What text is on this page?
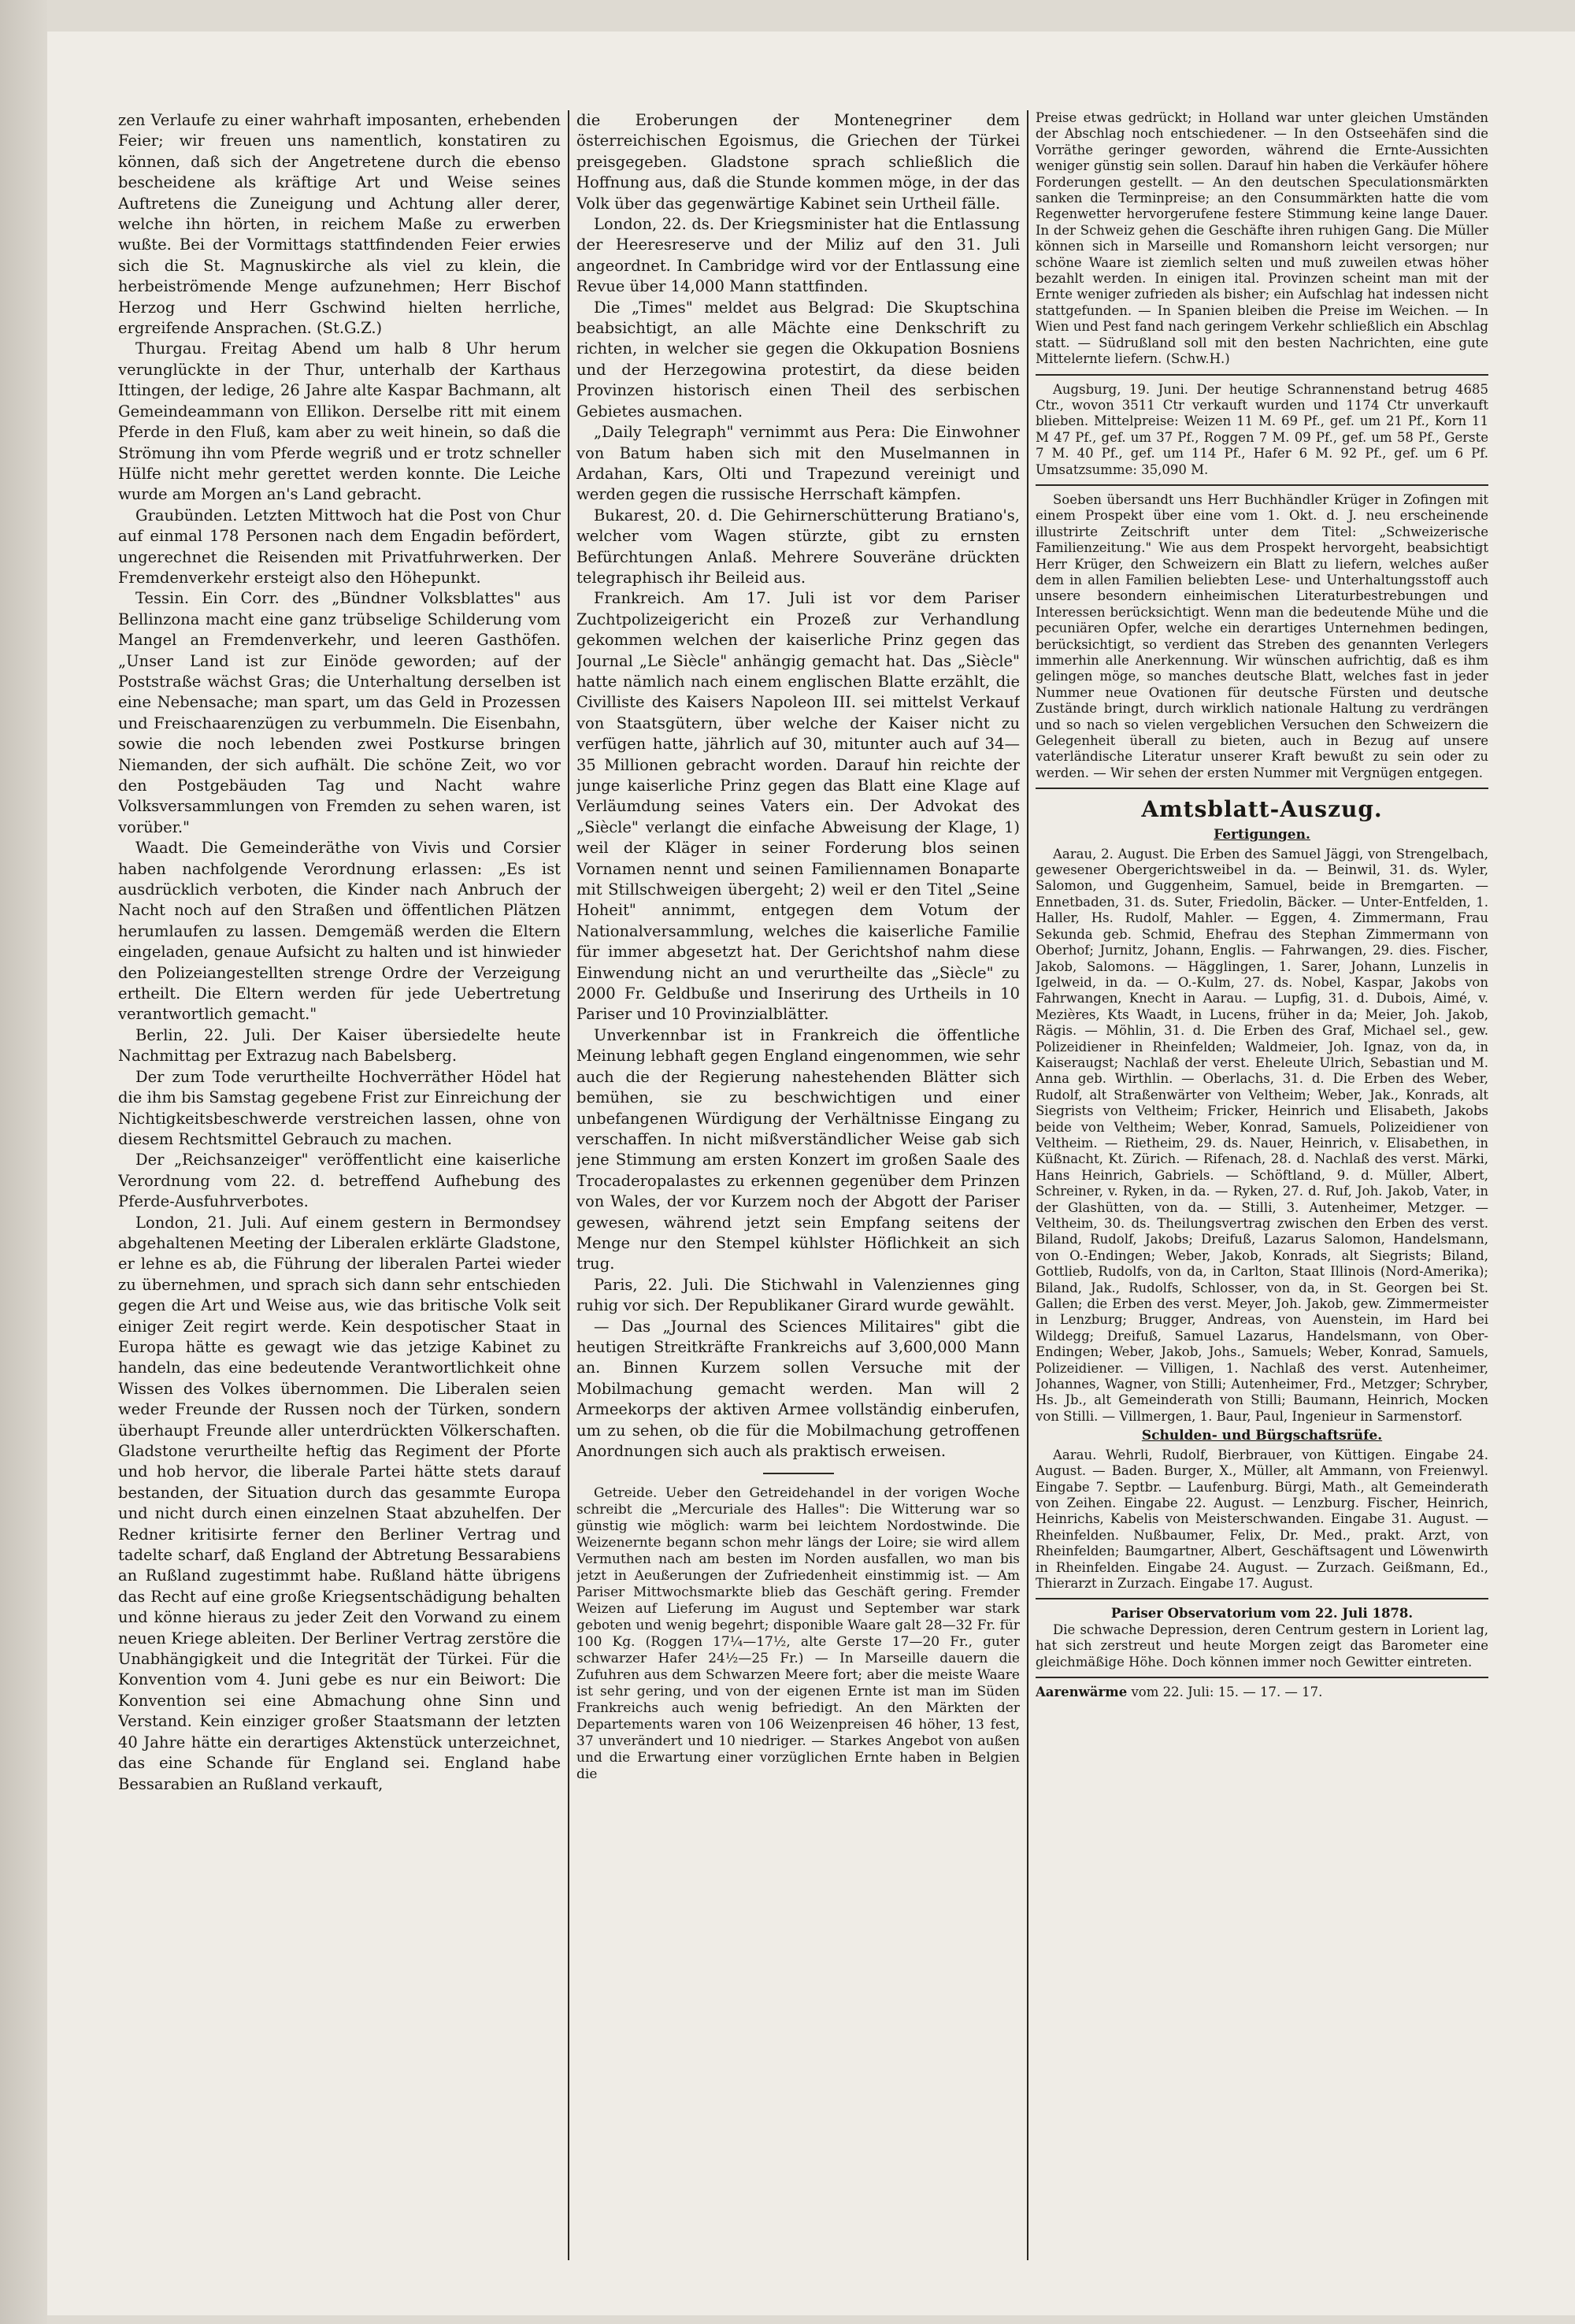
zen Verlaufe zu einer wahrhaft imposanten, erhebenden Feier; wir freuen uns namentlich, konstatiren zu können, daß sich der Angetretene durch die ebenso bescheidene als kräftige Art und Weise seines Auftretens die Zuneigung und Achtung aller derer, welche ihn hörten, in reichem Maße zu erwerben wußte. Bei der Vormittags stattfindenden Feier erwies sich die St. Magnuskirche als viel zu klein, die herbeiströmende Menge aufzunehmen; Herr Bischof Herzog und Herr Gschwind hielten herrliche, ergreifende Ansprachen. (St.G.Z.)

Thurgau. Freitag Abend um halb 8 Uhr herum verunglückte in der Thur, unterhalb der Karthaus Ittingen, der ledige, 26 Jahre alte Kaspar Bachmann, alt Gemeindeammann von Ellikon. Derselbe ritt mit einem Pferde in den Fluß, kam aber zu weit hinein, so daß die Strömung ihn vom Pferde wegriß und er trotz schneller Hülfe nicht mehr gerettet werden konnte. Die Leiche wurde am Morgen an's Land gebracht.

Graubünden. Letzten Mittwoch hat die Post von Chur auf einmal 178 Personen nach dem Engadin befördert, ungerechnet die Reisenden mit Privatfuhrwerken. Der Fremdenverkehr ersteigt also den Höhepunkt.

Tessin. Ein Corr. des „Bündner Volksblattes" aus Bellinzona macht eine ganz trübselige Schilderung vom Mangel an Fremdenverkehr, und leeren Gasthöfen. „Unser Land ist zur Einöde geworden; auf der Poststraße wächst Gras; die Unterhaltung derselben ist eine Nebensache; man spart, um das Geld in Prozessen und Freischaarenzügen zu verbummeln. Die Eisenbahn, sowie die noch lebenden zwei Postkurse bringen Niemanden, der sich aufhält. Die schöne Zeit, wo vor den Postgebäuden Tag und Nacht wahre Volksversammlungen von Fremden zu sehen waren, ist vorüber."

Waadt. Die Gemeinderäthe von Vivis und Corsier haben nachfolgende Verordnung erlassen: „Es ist ausdrücklich verboten, die Kinder nach Anbruch der Nacht noch auf den Straßen und öffentlichen Plätzen herumlaufen zu lassen. Demgemäß werden die Eltern eingeladen, genaue Aufsicht zu halten und ist hinwieder den Polizeiangestellten strenge Ordre der Verzeigung ertheilt. Die Eltern werden für jede Uebertretung verantwortlich gemacht."

Berlin, 22. Juli. Der Kaiser übersiedelte heute Nachmittag per Extrazug nach Babelsberg.

Der zum Tode verurtheilte Hochverräther Hödel hat die ihm bis Samstag gegebene Frist zur Einreichung der Nichtigkeitsbeschwerde verstreichen lassen, ohne von diesem Rechtsmittel Gebrauch zu machen.

Der „Reichsanzeiger" veröffentlicht eine kaiserliche Verordnung vom 22. d. betreffend Aufhebung des Pferde-Ausfuhrverbotes.

London, 21. Juli. Auf einem gestern in Bermondsey abgehaltenen Meeting der Liberalen erklärte Gladstone, er lehne es ab, die Führung der liberalen Partei wieder zu übernehmen, und sprach sich dann sehr entschieden gegen die Art und Weise aus, wie das britische Volk seit einiger Zeit regirt werde. Kein despotischer Staat in Europa hätte es gewagt wie das jetzige Kabinet zu handeln, das eine bedeutende Verantwortlichkeit ohne Wissen des Volkes übernommen. Die Liberalen seien weder Freunde der Russen noch der Türken, sondern überhaupt Freunde aller unterdrückten Völkerschaften. Gladstone verurtheilte heftig das Regiment der Pforte und hob hervor, die liberale Partei hätte stets darauf bestanden, der Situation durch das gesammte Europa und nicht durch einen einzelnen Staat abzuhelfen. Der Redner kritisirte ferner den Berliner Vertrag und tadelte scharf, daß England der Abtretung Bessarabiens an Rußland zugestimmt habe. Rußland hätte übrigens das Recht auf eine große Kriegsentschädigung behalten und könne hieraus zu jeder Zeit den Vorwand zu einem neuen Kriege ableiten. Der Berliner Vertrag zerstöre die Unabhängigkeit und die Integrität der Türkei. Für die Konvention vom 4. Juni gebe es nur ein Beiwort: Die Konvention sei eine Abmachung ohne Sinn und Verstand. Kein einziger großer Staatsmann der letzten 40 Jahre hätte ein derartiges Aktenstück unterzeichnet, das eine Schande für England sei. England habe Bessarabien an Rußland verkauft,

die Eroberungen der Montenegriner dem österreichischen Egoismus, die Griechen der Türkei preisgegeben. Gladstone sprach schließlich die Hoffnung aus, daß die Stunde kommen möge, in der das Volk über das gegenwärtige Kabinet sein Urtheil fälle.

London, 22. ds. Der Kriegsminister hat die Entlassung der Heeresreserve und der Miliz auf den 31. Juli angeordnet. In Cambridge wird vor der Entlassung eine Revue über 14,000 Mann stattfinden.

Die „Times" meldet aus Belgrad: Die Skuptschina beabsichtigt, an alle Mächte eine Denkschrift zu richten, in welcher sie gegen die Okkupation Bosniens und der Herzegowina protestirt, da diese beiden Provinzen historisch einen Theil des serbischen Gebietes ausmachen.

„Daily Telegraph" vernimmt aus Pera: Die Einwohner von Batum haben sich mit den Muselmannen in Ardahan, Kars, Olti und Trapezund vereinigt und werden gegen die russische Herrschaft kämpfen.

Bukarest, 20. d. Die Gehirnerschütterung Bratiano's, welcher vom Wagen stürzte, gibt zu ernsten Befürchtungen Anlaß. Mehrere Souveräne drückten telegraphisch ihr Beileid aus.

Frankreich. Am 17. Juli ist vor dem Pariser Zuchtpolizeigericht ein Prozeß zur Verhandlung gekommen welchen der kaiserliche Prinz gegen das Journal „Le Siècle" anhängig gemacht hat. Das „Siècle" hatte nämlich nach einem englischen Blatte erzählt, die Civilliste des Kaisers Napoleon III. sei mittelst Verkauf von Staatsgütern, über welche der Kaiser nicht zu verfügen hatte, jährlich auf 30, mitunter auch auf 34—35 Millionen gebracht worden. Darauf hin reichte der junge kaiserliche Prinz gegen das Blatt eine Klage auf Verläumdung seines Vaters ein. Der Advokat des „Siècle" verlangt die einfache Abweisung der Klage, 1) weil der Kläger in seiner Forderung blos seinen Vornamen nennt und seinen Familiennamen Bonaparte mit Stillschweigen übergeht; 2) weil er den Titel „Seine Hoheit" annimmt, entgegen dem Votum der Nationalversammlung, welches die kaiserliche Familie für immer abgesetzt hat. Der Gerichtshof nahm diese Einwendung nicht an und verurtheilte das „Siècle" zu 2000 Fr. Geldbuße und Inserirung des Urtheils in 10 Pariser und 10 Provinzialblätter.

Unverkennbar ist in Frankreich die öffentliche Meinung lebhaft gegen England eingenommen, wie sehr auch die der Regierung nahestehenden Blätter sich bemühen, sie zu beschwichtigen und einer unbefangenen Würdigung der Verhältnisse Eingang zu verschaffen. In nicht mißverständlicher Weise gab sich jene Stimmung am ersten Konzert im großen Saale des Trocaderopalastes zu erkennen gegenüber dem Prinzen von Wales, der vor Kurzem noch der Abgott der Pariser gewesen, während jetzt sein Empfang seitens der Menge nur den Stempel kühlster Höflichkeit an sich trug.

Paris, 22. Juli. Die Stichwahl in Valenziennes ging ruhig vor sich. Der Republikaner Girard wurde gewählt.

— Das „Journal des Sciences Militaires" gibt die heutigen Streitkräfte Frankreichs auf 3,600,000 Mann an. Binnen Kurzem sollen Versuche mit der Mobilmachung gemacht werden. Man will 2 Armeekorps der aktiven Armee vollständig einberufen, um zu sehen, ob die für die Mobilmachung getroffenen Anordnungen sich auch als praktisch erweisen.

Getreide. Ueber den Getreidehandel in der vorigen Woche schreibt die „Mercuriale des Halles": Die Witterung war so günstig wie möglich: warm bei leichtem Nordostwinde. Die Weizenernte begann schon mehr längs der Loire; sie wird allem Vermuthen nach am besten im Norden ausfallen, wo man bis jetzt in Aeußerungen der Zufriedenheit einstimmig ist. — Am Pariser Mittwochsmarkte blieb das Geschäft gering. Fremder Weizen auf Lieferung im August und September war stark geboten und wenig begehrt; disponible Waare galt 28—32 Fr. für 100 Kg. (Roggen 17¼—17½, alte Gerste 17—20 Fr., guter schwarzer Hafer 24½—25 Fr.) — In Marseille dauern die Zufuhren aus dem Schwarzen Meere fort; aber die meiste Waare ist sehr gering, und von der eigenen Ernte ist man im Süden Frankreichs auch wenig befriedigt. An den Märkten der Departements waren von 106 Weizenpreisen 46 höher, 13 fest, 37 unverändert und 10 niedriger. — Starkes Angebot von außen und die Erwartung einer vorzüglichen Ernte haben in Belgien die

Preise etwas gedrückt; in Holland war unter gleichen Umständen der Abschlag noch entschiedener. — In den Ostseehäfen sind die Vorräthe geringer geworden, während die Ernte-Aussichten weniger günstig sein sollen. Darauf hin haben die Verkäufer höhere Forderungen gestellt. — An den deutschen Speculationsmärkten sanken die Terminpreise; an den Consummärkten hatte die vom Regenwetter hervorgerufene festere Stimmung keine lange Dauer. In der Schweiz gehen die Geschäfte ihren ruhigen Gang. Die Müller können sich in Marseille und Romanshorn leicht versorgen; nur schöne Waare ist ziemlich selten und muß zuweilen etwas höher bezahlt werden. In einigen ital. Provinzen scheint man mit der Ernte weniger zufrieden als bisher; ein Aufschlag hat indessen nicht stattgefunden. — In Spanien bleiben die Preise im Weichen. — In Wien und Pest fand nach geringem Verkehr schließlich ein Abschlag statt. — Südrußland soll mit den besten Nachrichten, eine gute Mittelernte liefern. (Schw.H.)

Augsburg, 19. Juni. Der heutige Schrannenstand betrug 4685 Ctr., wovon 3511 Ctr verkauft wurden und 1174 Ctr unverkauft blieben. Mittelpreise: Weizen 11 M. 69 Pf., gef. um 21 Pf., Korn 11 M 47 Pf., gef. um 37 Pf., Roggen 7 M. 09 Pf., gef. um 58 Pf., Gerste 7 M. 40 Pf., gef. um 114 Pf., Hafer 6 M. 92 Pf., gef. um 6 Pf. Umsatzsumme: 35,090 M.

Soeben übersandt uns Herr Buchhändler Krüger in Zofingen mit einem Prospekt über eine vom 1. Okt. d. J. neu erscheinende illustrirte Zeitschrift unter dem Titel: „Schweizerische Familienzeitung." Wie aus dem Prospekt hervorgeht, beabsichtigt Herr Krüger, den Schweizern ein Blatt zu liefern, welches außer dem in allen Familien beliebten Lese- und Unterhaltungsstoff auch unsere besondern einheimischen Literaturbestrebungen und Interessen berücksichtigt. Wenn man die bedeutende Mühe und die pecuniären Opfer, welche ein derartiges Unternehmen bedingen, berücksichtigt, so verdient das Streben des genannten Verlegers immerhin alle Anerkennung. Wir wünschen aufrichtig, daß es ihm gelingen möge, so manches deutsche Blatt, welches fast in jeder Nummer neue Ovationen für deutsche Fürsten und deutsche Zustände bringt, durch wirklich nationale Haltung zu verdrängen und so nach so vielen vergeblichen Versuchen den Schweizern die Gelegenheit überall zu bieten, auch in Bezug auf unsere vaterländische Literatur unserer Kraft bewußt zu sein oder zu werden. — Wir sehen der ersten Nummer mit Vergnügen entgegen.

Amtsblatt-Auszug.
Fertigungen.

Aarau, 2. August. Die Erben des Samuel Jäggi, von Strengelbach, gewesener Obergerichtsweibel in da. — Beinwil, 31. ds. Wyler, Salomon, und Guggenheim, Samuel, beide in Bremgarten. — Ennetbaden, 31. ds. Suter, Friedolin, Bäcker. — Unter-Entfelden, 1. Haller, Hs. Rudolf, Mahler. — Eggen, 4. Zimmermann, Frau Sekunda geb. Schmid, Ehefrau des Stephan Zimmermann von Oberhof; Jurnitz, Johann, Englis. — Fahrwangen, 29. dies. Fischer, Jakob, Salomons. — Hägglingen, 1. Sarer, Johann, Lunzelis in Igelweid, in da. — O.-Kulm, 27. ds. Nobel, Kaspar, Jakobs von Fahrwangen, Knecht in Aarau. — Lupfig, 31. d. Dubois, Aimé, v. Mezières, Kts Waadt, in Lucens, früher in da; Meier, Joh. Jakob, Rägis. — Möhlin, 31. d. Die Erben des Graf, Michael sel., gew. Polizeidiener in Rheinfelden; Waldmeier, Joh. Ignaz, von da, in Kaiseraugst; Nachlaß der verst. Eheleute Ulrich, Sebastian und M. Anna geb. Wirthlin. — Oberlachs, 31. d. Die Erben des Weber, Rudolf, alt Straßenwärter von Veltheim; Weber, Jak., Konrads, alt Siegrists von Veltheim; Fricker, Heinrich und Elisabeth, Jakobs beide von Veltheim; Weber, Konrad, Samuels, Polizeidiener von Veltheim. — Rietheim, 29. ds. Nauer, Heinrich, v. Elisabethen, in Küßnacht, Kt. Zürich. — Rifenach, 28. d. Nachlaß des verst. Märki, Hans Heinrich, Gabriels. — Schöftland, 9. d. Müller, Albert, Schreiner, v. Ryken, in da. — Ryken, 27. d. Ruf, Joh. Jakob, Vater, in der Glashütten, von da. — Stilli, 3. Autenheimer, Metzger. — Veltheim, 30. ds. Theilungsvertrag zwischen den Erben des verst. Biland, Rudolf, Jakobs; Dreifuß, Lazarus Salomon, Handelsmann, von O.-Endingen; Weber, Jakob, Konrads, alt Siegrists; Biland, Gottlieb, Rudolfs, von da, in Carlton, Staat Illinois (Nord-Amerika); Biland, Jak., Rudolfs, Schlosser, von da, in St. Georgen bei St. Gallen; die Erben des verst. Meyer, Joh. Jakob, gew. Zimmermeister in Lenzburg; Brugger, Andreas, von Auenstein, im Hard bei Wildegg; Dreifuß, Samuel Lazarus, Handelsmann, von Ober-Endingen; Weber, Jakob, Johs., Samuels; Weber, Konrad, Samuels, Polizeidiener. — Villigen, 1. Nachlaß des verst. Autenheimer, Johannes, Wagner, von Stilli; Autenheimer, Frd., Metzger; Schryber, Hs. Jb., alt Gemeinderath von Stilli; Baumann, Heinrich, Mocken von Stilli. — Villmergen, 1. Baur, Paul, Ingenieur in Sarmenstorf.

Schulden- und Bürgschaftsrüfe.

Aarau. Wehrli, Rudolf, Bierbrauer, von Küttigen. Eingabe 24. August. — Baden. Burger, X., Müller, alt Ammann, von Freienwyl. Eingabe 7. Septbr. — Laufenburg. Bürgi, Math., alt Gemeinderath von Zeihen. Eingabe 22. August. — Lenzburg. Fischer, Heinrich, Heinrichs, Kabelis von Meisterschwanden. Eingabe 31. August. — Rheinfelden. Nußbaumer, Felix, Dr. Med., prakt. Arzt, von Rheinfelden; Baumgartner, Albert, Geschäftsagent und Löwenwirth in Rheinfelden. Eingabe 24. August. — Zurzach. Geißmann, Ed., Thierarzt in Zurzach. Eingabe 17. August.

Pariser Observatorium vom 22. Juli 1878.

Die schwache Depression, deren Centrum gestern in Lorient lag, hat sich zerstreut und heute Morgen zeigt das Barometer eine gleichmäßige Höhe. Doch können immer noch Gewitter eintreten.

Aarenwärme vom 22. Juli: 15. — 17. — 17.
